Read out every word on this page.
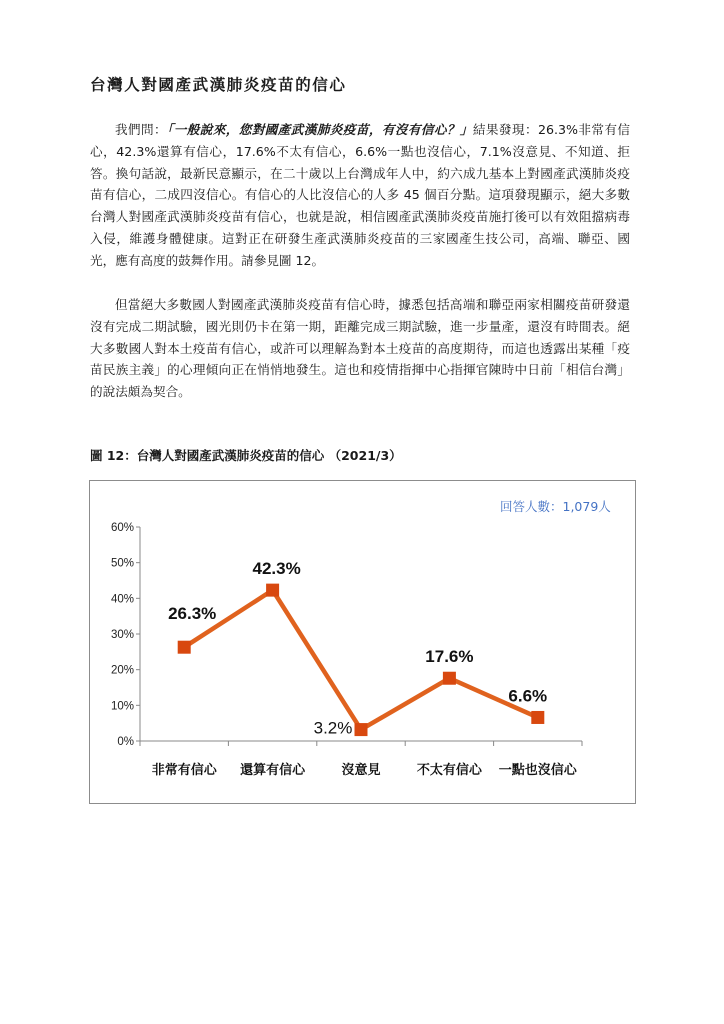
台灣人對國產武漢肺炎疫苗的信心

我們問：「一般說來，您對國產武漢肺炎疫苗，有沒有信心？」結果發現：26.3%非常有信心，42.3%還算有信心，17.6%不太有信心，6.6%一點也沒信心，7.1%沒意見、不知道、拒答。換句話說，最新民意顯示，在二十歲以上台灣成年人中，約六成九基本上對國產武漢肺炎疫苗有信心，二成四沒信心。有信心的人比沒信心的人多 45 個百分點。這項發現顯示，絕大多數台灣人對國產武漢肺炎疫苗有信心，也就是說，相信國產武漢肺炎疫苗施打後可以有效阻擋病毒入侵，維護身體健康。這對正在研發生產武漢肺炎疫苗的三家國產生技公司，高端、聯亞、國光，應有高度的鼓舞作用。請參見圖 12。

但當絕大多數國人對國產武漢肺炎疫苗有信心時，據悉包括高端和聯亞兩家相關疫苗研發還沒有完成二期試驗，國光則仍卡在第一期，距離完成三期試驗，進一步量產，還沒有時間表。絕大多數國人對本土疫苗有信心，或許可以理解為對本土疫苗的高度期待，而這也透露出某種「疫苗民族主義」的心理傾向正在悄悄地發生。這也和疫情指揮中心指揮官陳時中日前「相信台灣」的說法頗為契合。

圖 12：台灣人對國產武漢肺炎疫苗的信心 （2021/3）

回答人數：1,079人
0%
10%
20%
30%
40%
50%
60%
非常有信心 還算有信心	沒意見	不太有信心 一點也沒信心
26.3%
42.3%
3.2%
17.6%
6.6%
